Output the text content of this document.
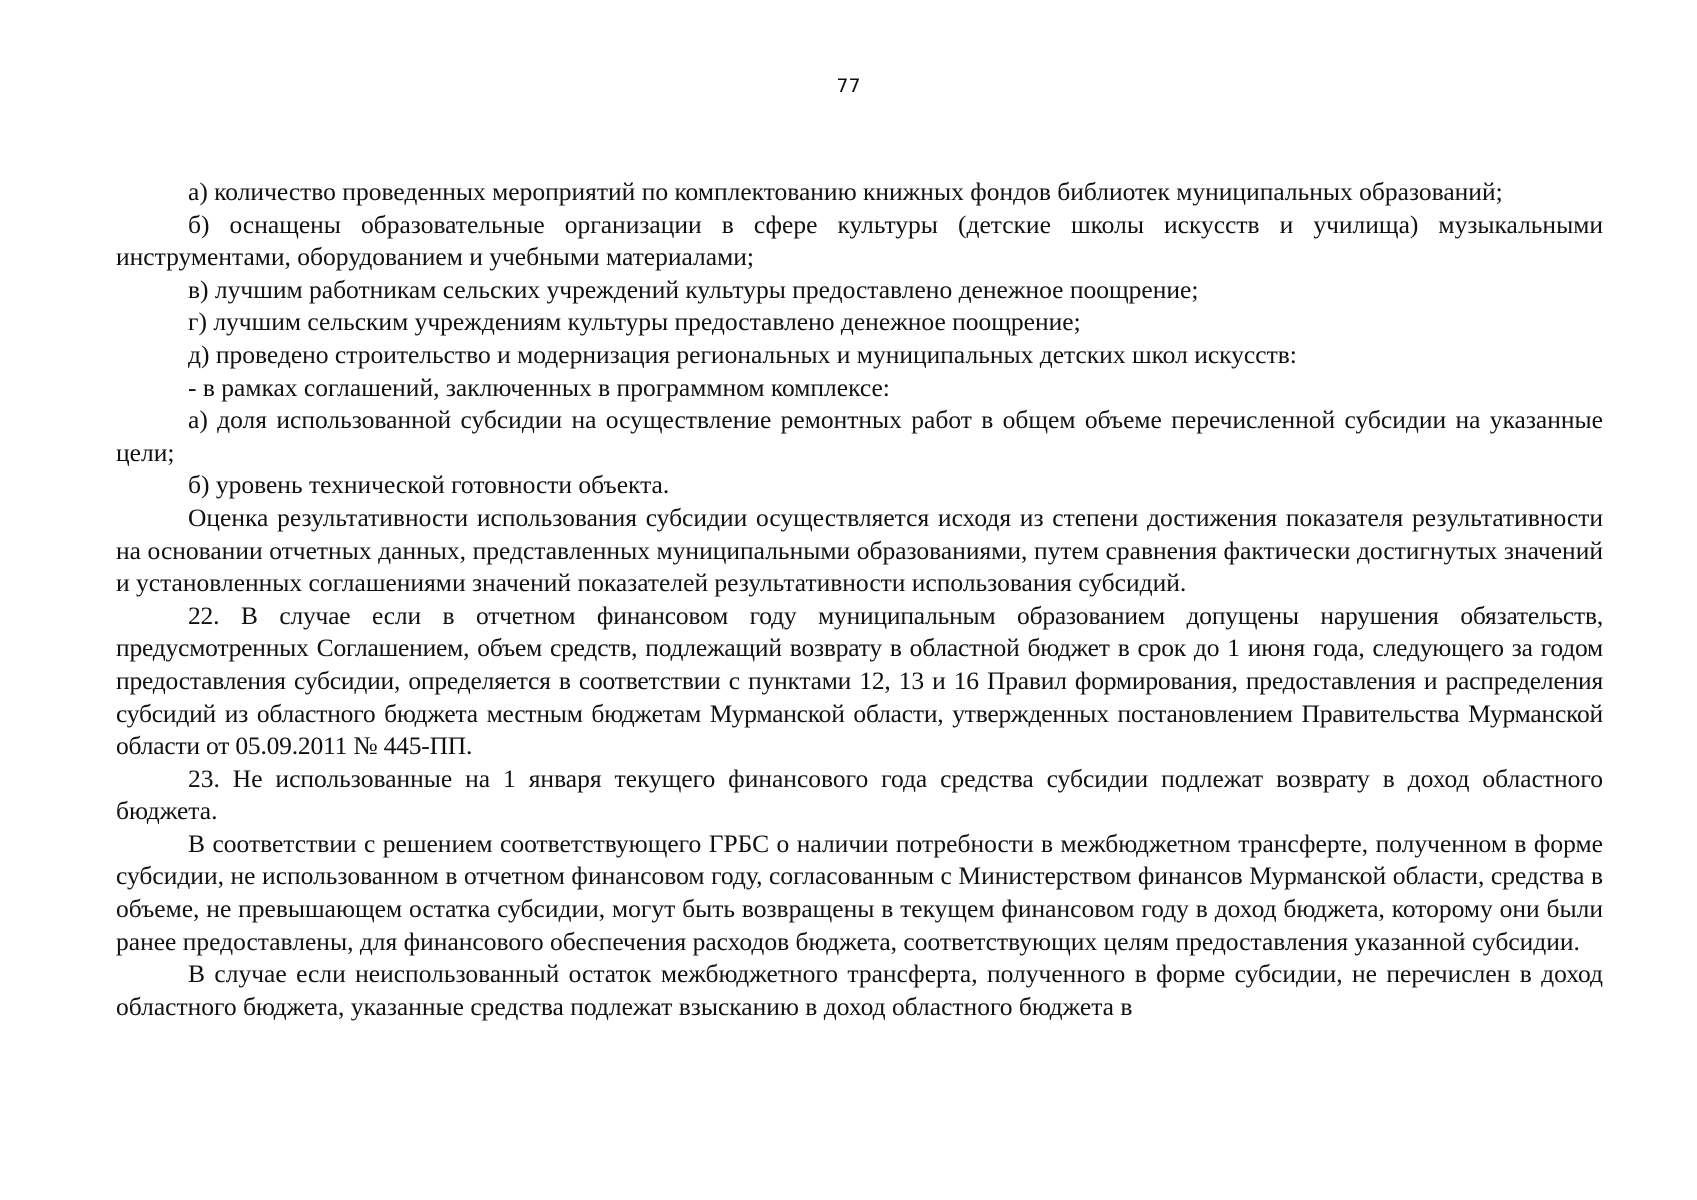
77

а) количество проведенных мероприятий по комплектованию книжных фондов библиотек муниципальных образований;

б) оснащены образовательные организации в сфере культуры (детские школы искусств и училища) музыкальными инструментами, оборудованием и учебными материалами;

в) лучшим работникам сельских учреждений культуры предоставлено денежное поощрение;

г) лучшим сельским учреждениям культуры предоставлено денежное поощрение;

д) проведено строительство и модернизация региональных и муниципальных детских школ искусств:

- в рамках соглашений, заключенных в программном комплексе:

а) доля использованной субсидии на осуществление ремонтных работ в общем объеме перечисленной субсидии на указанные цели;

б) уровень технической готовности объекта.

Оценка результативности использования субсидии осуществляется исходя из степени достижения показателя результативности на основании отчетных данных, представленных муниципальными образованиями, путем сравнения фактически достигнутых значений и установленных соглашениями значений показателей результативности использования субсидий.

22. В случае если в отчетном финансовом году муниципальным образованием допущены нарушения обязательств, предусмотренных Соглашением, объем средств, подлежащий возврату в областной бюджет в срок до 1 июня года, следующего за годом предоставления субсидии, определяется в соответствии с пунктами 12, 13 и 16 Правил формирования, предоставления и распределения субсидий из областного бюджета местным бюджетам Мурманской области, утвержденных постановлением Правительства Мурманской области от 05.09.2011 № 445-ПП.

23. Не использованные на 1 января текущего финансового года средства субсидии подлежат возврату в доход областного бюджета.

В соответствии с решением соответствующего ГРБС о наличии потребности в межбюджетном трансферте, полученном в форме субсидии, не использованном в отчетном финансовом году, согласованным с Министерством финансов Мурманской области, средства в объеме, не превышающем остатка субсидии, могут быть возвращены в текущем финансовом году в доход бюджета, которому они были ранее предоставлены, для финансового обеспечения расходов бюджета, соответствующих целям предоставления указанной субсидии.

В случае если неиспользованный остаток межбюджетного трансферта, полученного в форме субсидии, не перечислен в доход областного бюджета, указанные средства подлежат взысканию в доход областного бюджета в
